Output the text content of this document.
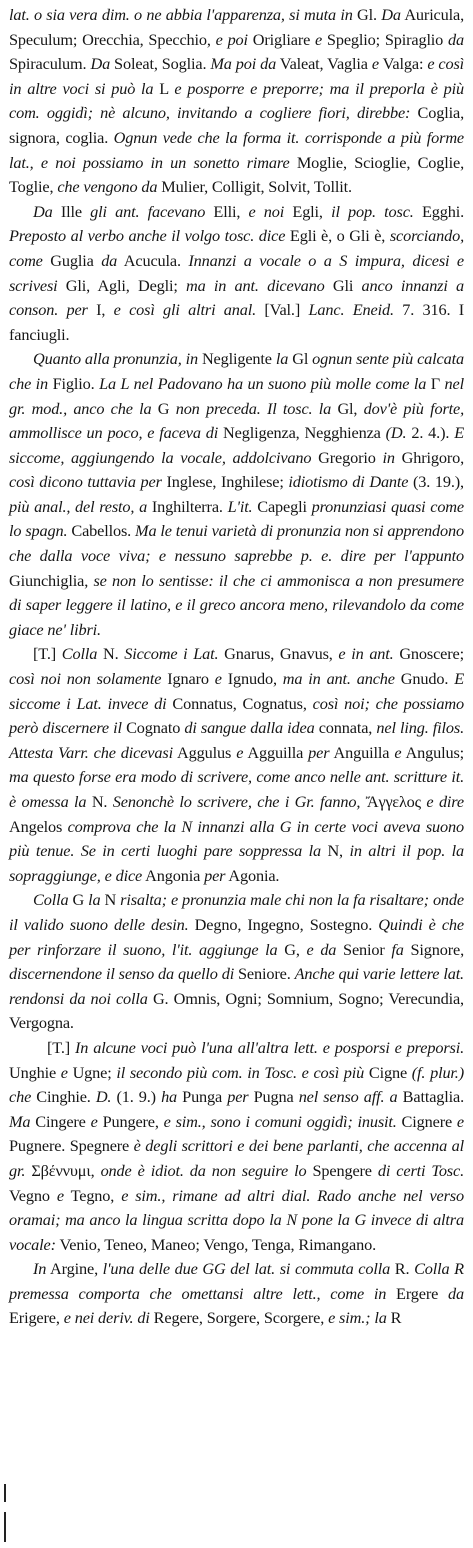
lat. o sia vera dim. o ne abbia l'apparenza, si muta in Gl. Da Auricula, Speculum; Orecchia, Specchio, e poi Origliare e Speglio; Spiraglio da Spiraculum. Da Soleat, Soglia. Ma poi da Valeat, Vaglia e Valga: e così in altre voci si può la L e posporre e preporre; ma il preporla è più com. oggidì; nè alcuno, invitando a cogliere fiori, direbbe: Coglia, signora, coglia. Ognun vede che la forma it. corrisponde a più forme lat., e noi possiamo in un sonetto rimare Moglie, Scioglie, Coglie, Toglie, che vengono da Mulier, Colligit, Solvit, Tollit.

Da Ille gli ant. facevano Elli, e noi Egli, il pop. tosc. Egghi. Preposto al verbo anche il volgo tosc. dice Egli è, o Gli è, scorciando, come Guglia da Acucula. Innanzi a vocale o a S impura, dicesi e scrivesi Gli, Agli, Degli; ma in ant. dicevano Gli anco innanzi a conson. per I, e così gli altri anal. [Val.] Lanc. Eneid. 7. 316. I fanciugli.

Quanto alla pronunzia, in Negligente la Gl ognun sente più calcata che in Figlio. La L nel Padovano ha un suono più molle come la Γ nel gr. mod., anco che la G non preceda. Il tosc. la Gl, dov'è più forte, ammollisce un poco, e faceva di Negligenza, Negghienza (D. 2. 4.). E siccome, aggiungendo la vocale, addolcivano Gregorio in Ghrigoro, così dicono tuttavia per Inglese, Inghilese; idiotismo di Dante (3. 19.), più anal., del resto, a Inghilterra. L'it. Capegli pronunziasi quasi come lo spagn. Cabellos. Ma le tenui varietà di pronunzia non si apprendono che dalla voce viva; e nessuno saprebbe p. e. dire per l'appunto Giunchiglia, se non lo sentisse: il che ci ammonisca a non presumere di saper leggere il latino, e il greco ancora meno, rilevandolo da come giace ne' libri.

[T.] Colla N. Siccome i Lat. Gnarus, Gnavus, e in ant. Gnoscere; così noi non solamente Ignaro e Ignudo, ma in ant. anche Gnudo. E siccome i Lat. invece di Connatus, Cognatus, così noi; che possiamo però discernere il Cognato di sangue dalla idea connata, nel ling. filos. Attesta Varr. che dicevasi Aggulus e Agguilla per Anguilla e Angulus; ma questo forse era modo di scrivere, come anco nelle ant. scritture it. è omessa la N. Senonchè lo scrivere, che i Gr. fanno, Ἄγγελος e dire Angelos comprova che la N innanzi alla G in certe voci aveva suono più tenue. Se in certi luoghi pare soppressa la N, in altri il pop. la sopraggiunge, e dice Angonia per Agonia.

Colla G la N risalta; e pronunzia male chi non la fa risaltare; onde il valido suono delle desin. Degno, Ingegno, Sostegno. Quindi è che per rinforzare il suono, l'it. aggiunge la G, e da Senior fa Signore, discernendone il senso da quello di Seniore. Anche qui varie lettere lat. rendonsi da noi colla G. Omnis, Ogni; Somnium, Sogno; Verecundia, Vergogna.

[T.] In alcune voci può l'una all'altra lett. e posporsi e preporsi. Unghie e Ugne; il secondo più com. in Tosc. e così più Cigne (f. plur.) che Cinghie. D. (1. 9.) ha Punga per Pugna nel senso aff. a Battaglia. Ma Cingere e Pungere, e sim., sono i comuni oggidì; inusit. Cignere e Pugnere. Spegnere è degli scrittori e dei bene parlanti, che accenna al gr. Σβέννυμι, onde è idiot. da non seguire lo Spengere di certi Tosc. Vegno e Tegno, e sim., rimane ad altri dial. Rado anche nel verso oramai; ma anco la lingua scritta dopo la N pone la G invece di altra vocale: Venio, Teneo, Maneo; Vengo, Tenga, Rimangano.

In Argine, l'una delle due GG del lat. si commuta colla R. Colla R premessa comporta che omettansi altre lett., come in Ergere da Erigere, e nei deriv. di Regere, Sorgere, Scorgere, e sim.; la R
